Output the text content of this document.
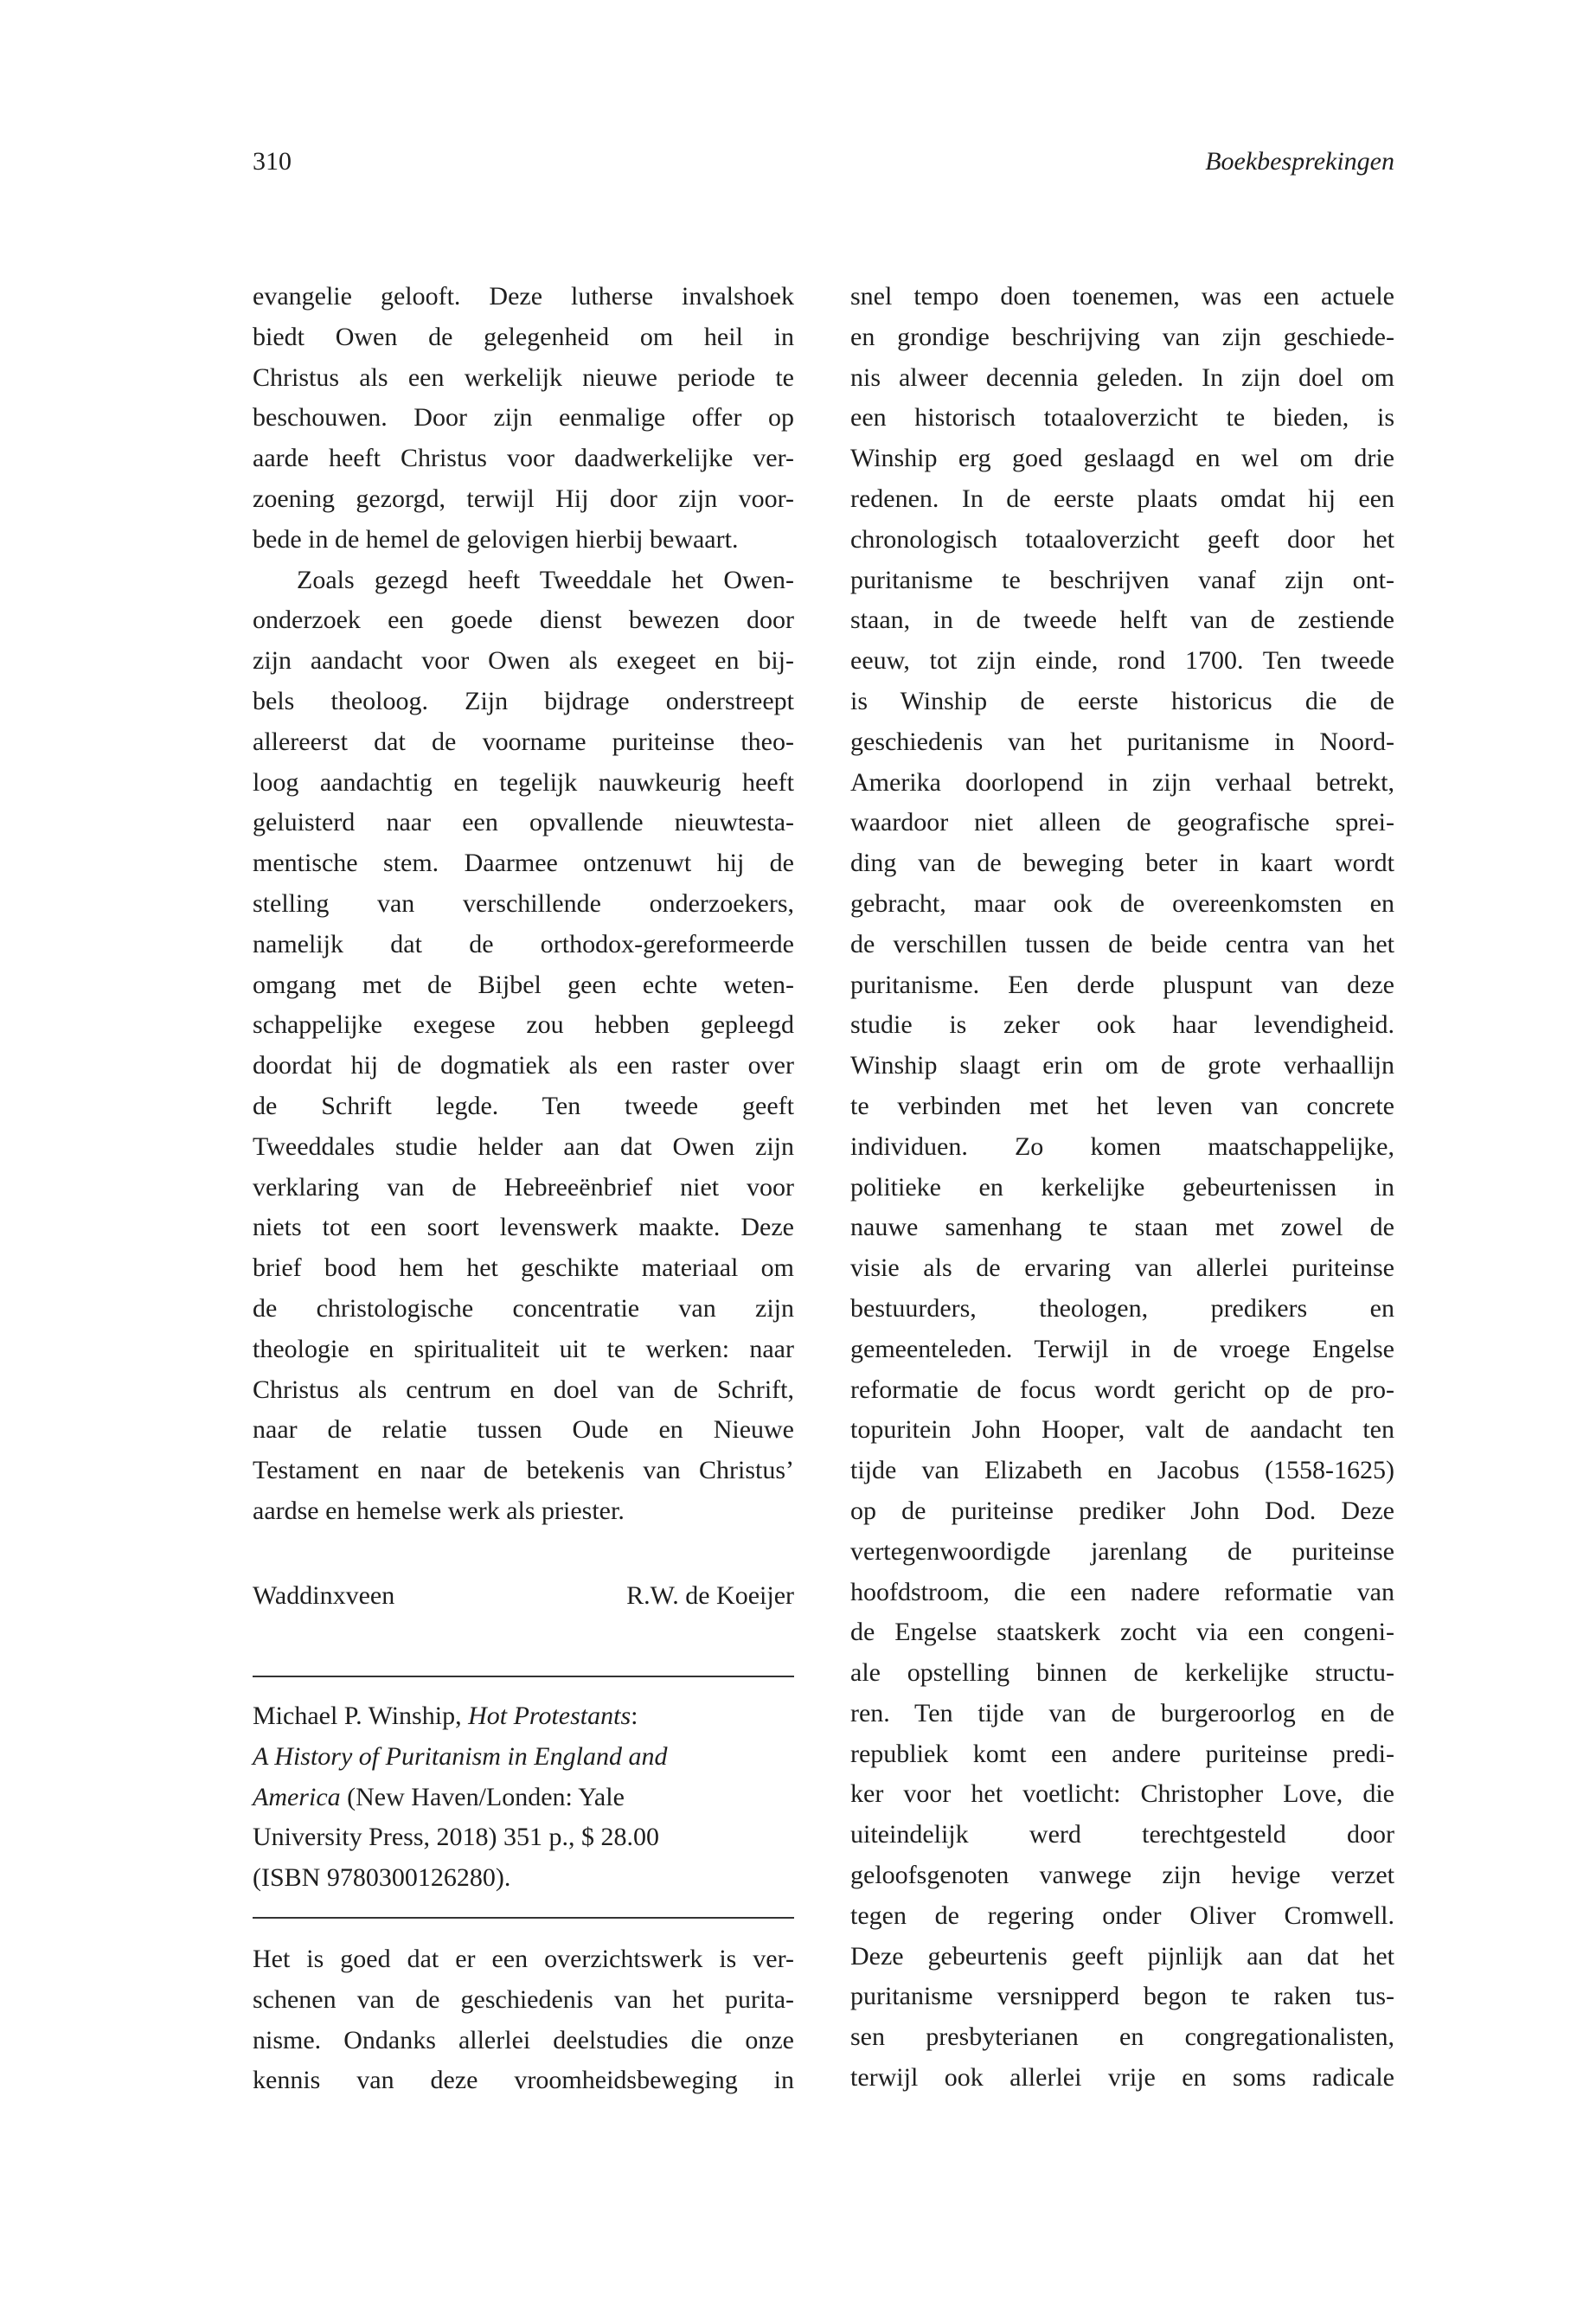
310	Boekbesprekingen
evangelie gelooft. Deze lutherse invalshoek
biedt Owen de gelegenheid om heil in
Christus als een werkelijk nieuwe periode te
beschouwen. Door zijn eenmalige offer op
aarde heeft Christus voor daadwerkelijke ver-
zoening gezorgd, terwijl Hij door zijn voor-
bede in de hemel de gelovigen hierbij bewaart.
Zoals gezegd heeft Tweeddale het Owen-
onderzoek een goede dienst bewezen door
zijn aandacht voor Owen als exegeet en bij-
bels theoloog. Zijn bijdrage onderstreept
allereerst dat de voorname puriteinse theo-
loog aandachtig en tegelijk nauwkeurig heeft
geluisterd naar een opvallende nieuwtesta-
mentische stem. Daarmee ontzenuwt hij de
stelling van verschillende onderzoekers,
namelijk dat de orthodox-gereformeerde
omgang met de Bijbel geen echte weten-
schappelijke exegese zou hebben gepleegd
doordat hij de dogmatiek als een raster over
de Schrift legde. Ten tweede geeft
Tweeddales studie helder aan dat Owen zijn
verklaring van de Hebreeënbrief niet voor
niets tot een soort levenswerk maakte. Deze
brief bood hem het geschikte materiaal om
de christologische concentratie van zijn
theologie en spiritualiteit uit te werken: naar
Christus als centrum en doel van de Schrift,
naar de relatie tussen Oude en Nieuwe
Testament en naar de betekenis van Christus’
aardse en hemelse werk als priester.
Waddinxveen	R.W. de Koeijer
Michael P. Winship, Hot Protestants:
A History of Puritanism in England and
America (New Haven/Londen: Yale
University Press, 2018) 351 p., $ 28.00
(ISBN 9780300126280).
Het is goed dat er een overzichtswerk is ver-
schenen van de geschiedenis van het purita-
nisme. Ondanks allerlei deelstudies die onze
kennis van deze vroomheidsbeweging in
snel tempo doen toenemen, was een actuele
en grondige beschrijving van zijn geschiede-
nis alweer decennia geleden. In zijn doel om
een historisch totaaloverzicht te bieden, is
Winship erg goed geslaagd en wel om drie
redenen. In de eerste plaats omdat hij een
chronologisch totaaloverzicht geeft door het
puritanisme te beschrijven vanaf zijn ont-
staan, in de tweede helft van de zestiende
eeuw, tot zijn einde, rond 1700. Ten tweede
is Winship de eerste historicus die de
geschiedenis van het puritanisme in Noord-
Amerika doorlopend in zijn verhaal betrekt,
waardoor niet alleen de geografische sprei-
ding van de beweging beter in kaart wordt
gebracht, maar ook de overeenkomsten en
de verschillen tussen de beide centra van het
puritanisme. Een derde pluspunt van deze
studie is zeker ook haar levendigheid.
Winship slaagt erin om de grote verhaallijn
te verbinden met het leven van concrete
individuen. Zo komen maatschappelijke,
politieke en kerkelijke gebeurtenissen in
nauwe samenhang te staan met zowel de
visie als de ervaring van allerlei puriteinse
bestuurders, theologen, predikers en
gemeenteleden. Terwijl in de vroege Engelse
reformatie de focus wordt gericht op de pro-
topuritein John Hooper, valt de aandacht ten
tijde van Elizabeth en Jacobus (1558-1625)
op de puriteinse prediker John Dod. Deze
vertegenwoordigde jarenlang de puriteinse
hoofdstroom, die een nadere reformatie van
de Engelse staatskerk zocht via een congeni-
ale opstelling binnen de kerkelijke structu-
ren. Ten tijde van de burgeroorlog en de
republiek komt een andere puriteinse predi-
ker voor het voetlicht: Christopher Love, die
uiteindelijk werd terechtgesteld door
geloofsgenoten vanwege zijn hevige verzet
tegen de regering onder Oliver Cromwell.
Deze gebeurtenis geeft pijnlijk aan dat het
puritanisme versnipperd begon te raken tus-
sen presbyterianen en congregationalisten,
terwijl ook allerlei vrije en soms radicale
